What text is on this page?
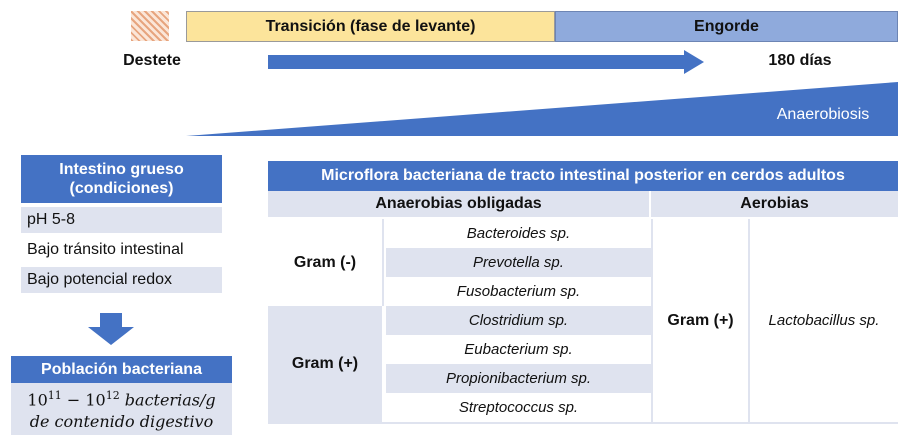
Transición (fase de levante)	Engorde
Destete	180 días
Anaerobiosis
Intestino grueso
(condiciones)
pH 5-8
Bajo tránsito intestinal
Bajo potencial redox
Población bacteriana
$10^{11} - 10^{12}$ bacterias/g
de contenido digestivo
Microflora bacteriana de tracto intestinal posterior en cerdos adultos
Anaerobias obligadas	Aerobias
Gram (-)
Bacteroides sp.
Prevotella sp.
Fusobacterium sp.
Gram (+)
Clostridium sp.
Eubacterium sp.
Propionibacterium sp.
Streptococcus sp.
Gram (+)	Lactobacillus sp.
